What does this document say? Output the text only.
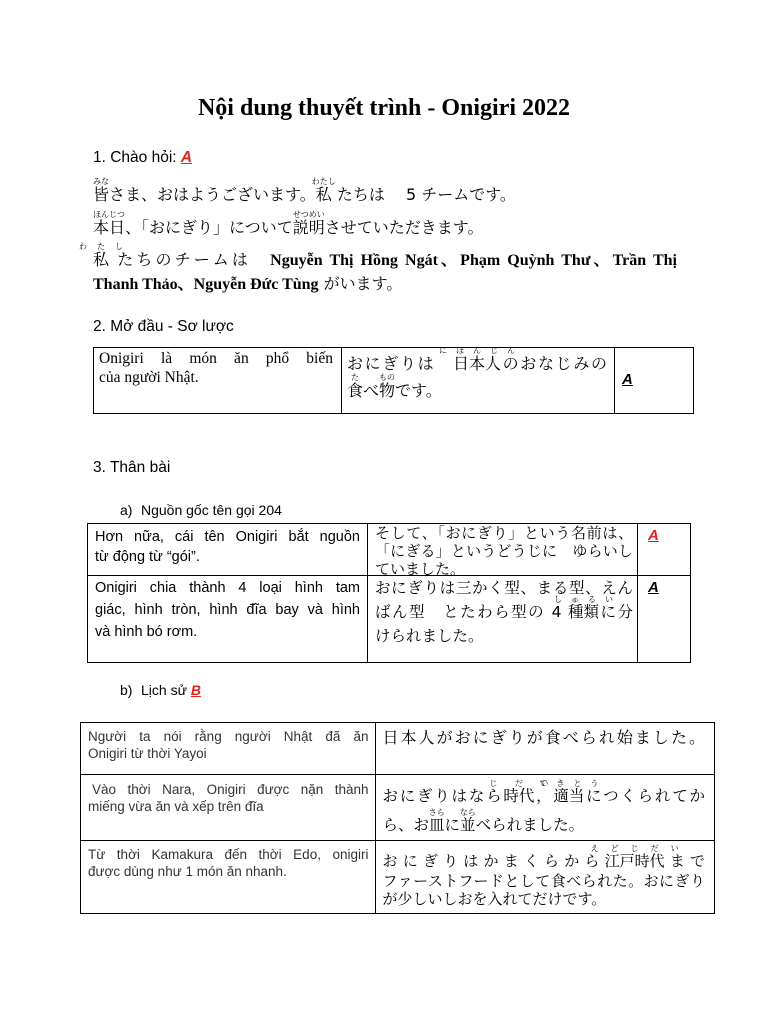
Nội dung thuyết trình - Onigiri 2022
1. Chào hỏi: A
皆
みな
さま、おはようございます。私
わたし
たちは　 5 チームです。
本日
ほんじつ
、「おにぎり」について説明
せつめい
させていただきます。
私
わたし
たちのチームは　Nguyễn Thị Hồng Ngát、Phạm Quỳnh Thư、Trần Thị
Thanh Thảo、Nguyễn Đức Tùng がいます。
2. Mở đầu - Sơ lược
Onigiri là món ăn phổ biến
của người Nhật.
おにぎりは　日本人
にほんじん
のおなじみの
食
た
べ物
もの
です。
A
3. Thân bài
a) Nguồn gốc tên gọi 204
Hơn nữa, cái tên Onigiri bắt nguồn
từ động từ “gói”.
そして、「おにぎり」という名前は、
「にぎる」というどうじに　ゆらいし
ていました。
A
Onigiri chia thành 4 loại hình tam
giác, hình tròn, hình đĩa bay và hình
và hình bó rơm.
おにぎりは三かく型、まる型、えん
ばん型　とたわら型の 4 種類
しゅるい
に分
けられました。
A
b) Lịch sử B
Người ta nói rằng người Nhật đã ăn
Onigiri từ thời Yayoi
日本人がおにぎりが食べられ始ました。
Vào thời Nara, Onigiri được nặn thành
miếng vừa ăn và xếp trên đĩa
おにぎりはなら時代
じだい
，適当
てきとう
につくられてか
ら、お皿
さら
に並
なら
べられました。
Từ thời Kamakura đến thời Edo, onigiri
được dùng như 1 món ăn nhanh.
おにぎりはかまくらから江戸時代
えどじだい
まで
ファーストフードとして食べられた。おにぎり
が少しいしおを入れてだけです。
